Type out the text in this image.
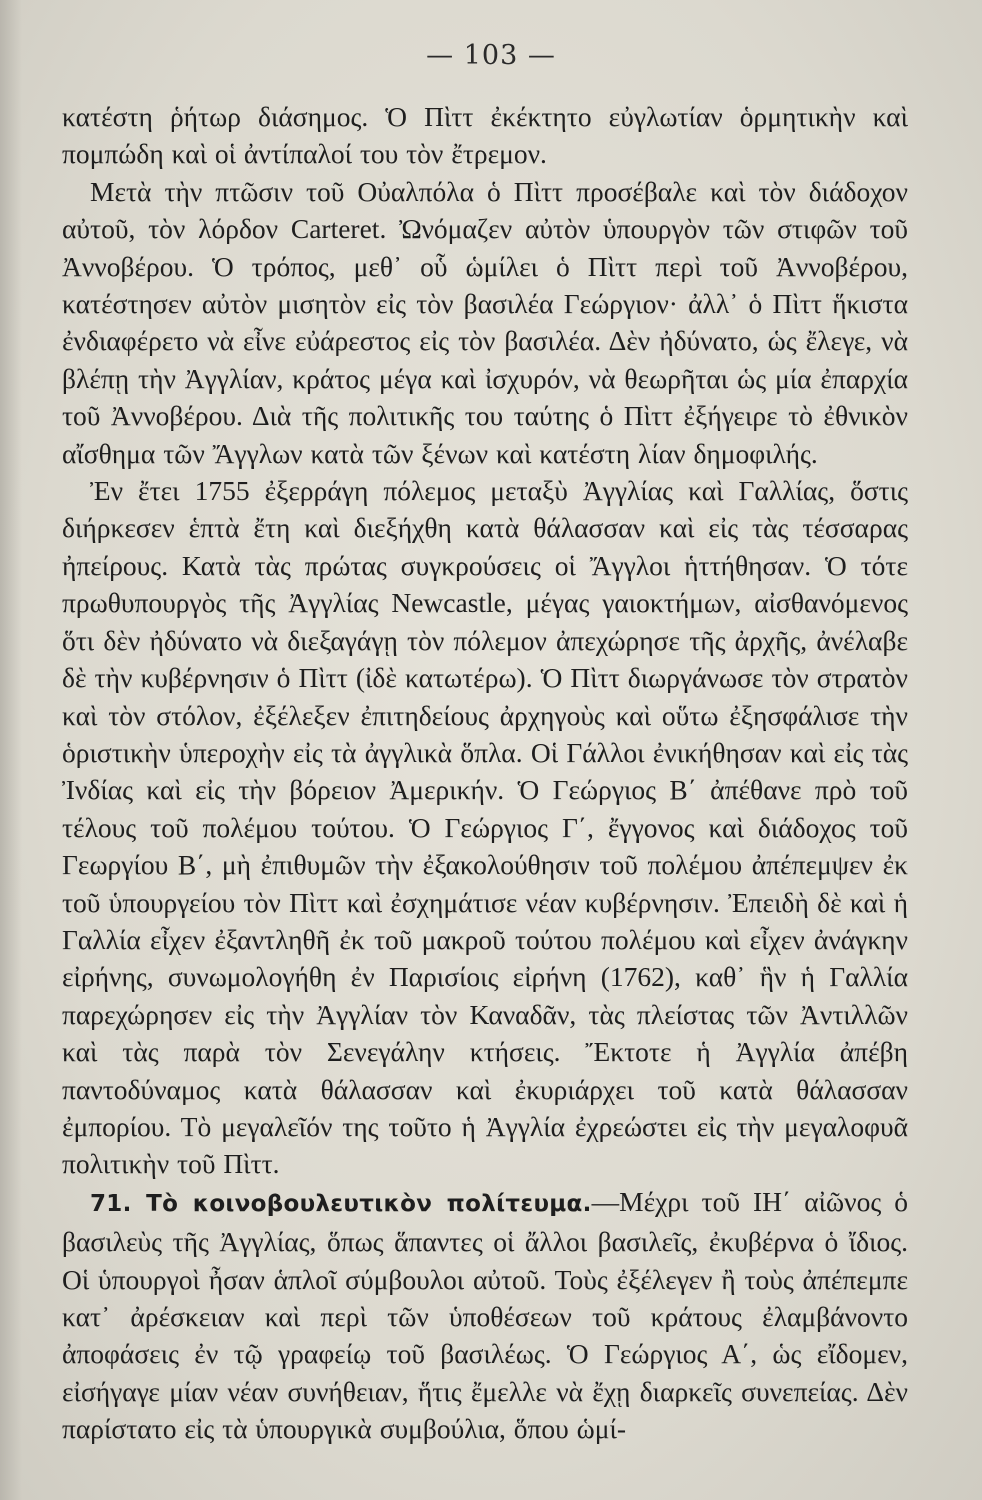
— 103 —

κατέστη ῥήτωρ διάσημος. Ὁ Πὶττ ἐκέκτητο εὐγλωτίαν ὁρμητικὴν καὶ πομπώδη καὶ οἱ ἀντίπαλοί του τὸν ἔτρεμον.

Μετὰ τὴν πτῶσιν τοῦ Οὐαλπόλα ὁ Πὶττ προσέβαλε καὶ τὸν διάδοχον αὐτοῦ, τὸν λόρδον Carteret. Ὠνόμαζεν αὐτὸν ὑπουργὸν τῶν στιφῶν τοῦ Ἀννοβέρου. Ὁ τρόπος, μεθ᾽ οὗ ὡμίλει ὁ Πὶττ περὶ τοῦ Ἀννοβέρου, κατέστησεν αὐτὸν μισητὸν εἰς τὸν βασιλέα Γεώργιον· ἀλλ᾽ ὁ Πὶττ ἥκιστα ἐνδιαφέρετο νὰ εἶνε εὐάρεστος εἰς τὸν βασιλέα. Δὲν ἠδύνατο, ὡς ἔλεγε, νὰ βλέπῃ τὴν Ἀγγλίαν, κράτος μέγα καὶ ἰσχυρόν, νὰ θεωρῆται ὡς μία ἐπαρχία τοῦ Ἀννοβέρου. Διὰ τῆς πολιτικῆς του ταύτης ὁ Πὶττ ἐξήγειρε τὸ ἐθνικὸν αἴσθημα τῶν Ἄγγλων κατὰ τῶν ξένων καὶ κατέστη λίαν δημοφιλής.

Ἐν ἔτει 1755 ἐξερράγη πόλεμος μεταξὺ Ἀγγλίας καὶ Γαλλίας, ὅστις διήρκεσεν ἑπτὰ ἔτη καὶ διεξήχθη κατὰ θάλασσαν καὶ εἰς τὰς τέσσαρας ἠπείρους. Κατὰ τὰς πρώτας συγκρούσεις οἱ Ἄγγλοι ἡττήθησαν. Ὁ τότε πρωθυπουργὸς τῆς Ἀγγλίας Newcastle, μέγας γαιοκτήμων, αἰσθανόμενος ὅτι δὲν ἠδύνατο νὰ διεξαγάγῃ τὸν πόλεμον ἀπεχώρησε τῆς ἀρχῆς, ἀνέλαβε δὲ τὴν κυβέρνησιν ὁ Πὶττ (ἰδὲ κατωτέρω). Ὁ Πὶττ διωργάνωσε τὸν στρατὸν καὶ τὸν στόλον, ἐξέλεξεν ἐπιτηδείους ἀρχηγοὺς καὶ οὕτω ἐξησφάλισε τὴν ὁριστικὴν ὑπεροχὴν εἰς τὰ ἀγγλικὰ ὅπλα. Οἱ Γάλλοι ἐνικήθησαν καὶ εἰς τὰς Ἰνδίας καὶ εἰς τὴν βόρειον Ἀμερικήν. Ὁ Γεώργιος Β΄ ἀπέθανε πρὸ τοῦ τέλους τοῦ πολέμου τούτου. Ὁ Γεώργιος Γ΄, ἔγγονος καὶ διάδοχος τοῦ Γεωργίου Β΄, μὴ ἐπιθυμῶν τὴν ἐξακολούθησιν τοῦ πολέμου ἀπέπεμψεν ἐκ τοῦ ὑπουργείου τὸν Πὶττ καὶ ἐσχημάτισε νέαν κυβέρνησιν. Ἐπειδὴ δὲ καὶ ἡ Γαλλία εἶχεν ἐξαντληθῆ ἐκ τοῦ μακροῦ τούτου πολέμου καὶ εἶχεν ἀνάγκην εἰρήνης, συνωμολογήθη ἐν Παρισίοις εἰρήνη (1762), καθ᾽ ἣν ἡ Γαλλία παρεχώρησεν εἰς τὴν Ἀγγλίαν τὸν Καναδᾶν, τὰς πλείστας τῶν Ἀντιλλῶν καὶ τὰς παρὰ τὸν Σενεγάλην κτήσεις. Ἔκτοτε ἡ Ἀγγλία ἀπέβη παντοδύναμος κατὰ θάλασσαν καὶ ἐκυριάρχει τοῦ κατὰ θάλασσαν ἐμπορίου. Τὸ μεγαλεῖόν της τοῦτο ἡ Ἀγγλία ἐχρεώστει εἰς τὴν μεγαλοφυᾶ πολιτικὴν τοῦ Πὶττ.

71. Τὸ κοινοβουλευτικὸν πολίτευμα.—Μέχρι τοῦ ΙΗ΄ αἰῶνος ὁ βασιλεὺς τῆς Ἀγγλίας, ὅπως ἅπαντες οἱ ἄλλοι βασιλεῖς, ἐκυβέρνα ὁ ἴδιος. Οἱ ὑπουργοὶ ἦσαν ἁπλοῖ σύμβουλοι αὐτοῦ. Τοὺς ἐξέλεγεν ἢ τοὺς ἀπέπεμπε κατ᾽ ἀρέσκειαν καὶ περὶ τῶν ὑποθέσεων τοῦ κράτους ἐλαμβάνοντο ἀποφάσεις ἐν τῷ γραφείῳ τοῦ βασιλέως. Ὁ Γεώργιος Α΄, ὡς εἴδομεν, εἰσήγαγε μίαν νέαν συνήθειαν, ἥτις ἔμελλε νὰ ἔχῃ διαρκεῖς συνεπείας. Δὲν παρίστατο εἰς τὰ ὑπουργικὰ συμβούλια, ὅπου ὡμί-
